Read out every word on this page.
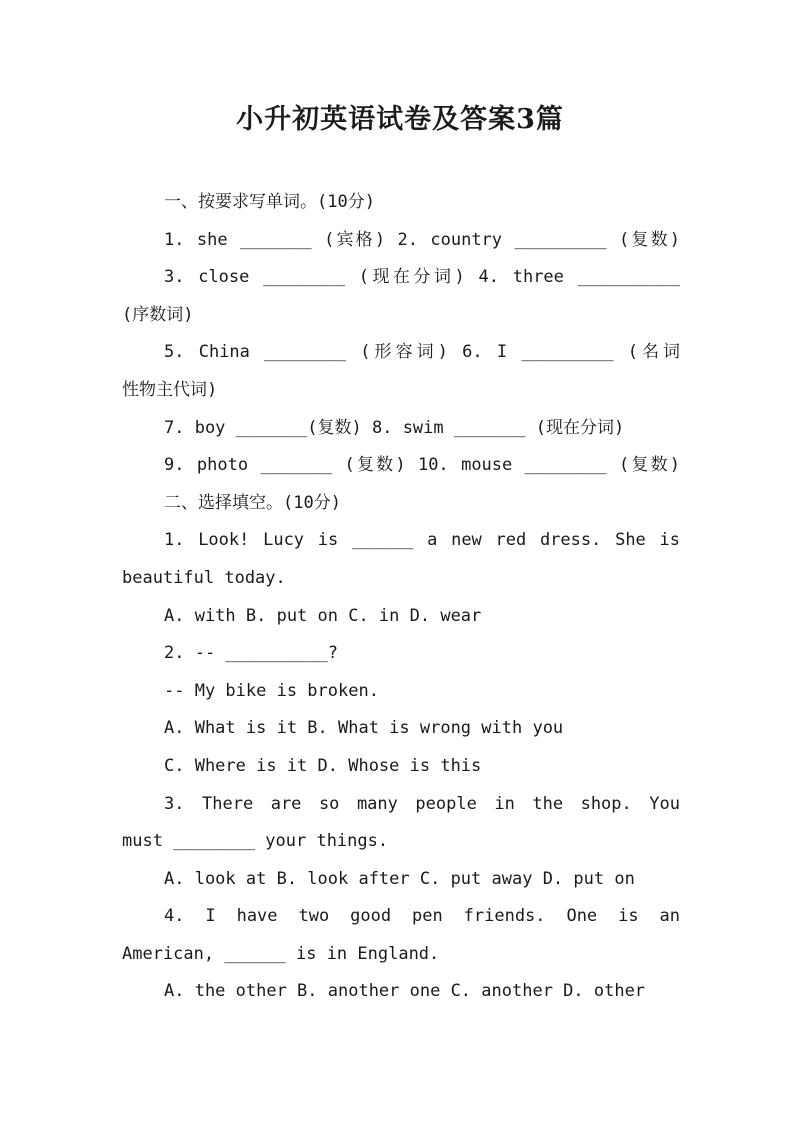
小升初英语试卷及答案3篇
一、按要求写单词。(10分)
1. she _______ (宾格) 2. country _________ (复数)
3. close ________ (现在分词) 4. three __________
(序数词)
5. China ________ (形容词) 6. I _________ (名词
性物主代词)
7. boy _______(复数) 8. swim _______ (现在分词)
9. photo _______ (复数) 10. mouse ________ (复数)
二、选择填空。(10分)
1. Look! Lucy is ______ a new red dress. She is
beautiful today.
A. with B. put on C. in D. wear
2. -- __________?
-- My bike is broken.
A. What is it B. What is wrong with you
C. Where is it D. Whose is this
3. There are so many people in the shop. You
must ________ your things.
A. look at B. look after C. put away D. put on
4. I have two good pen friends. One is an
American, ______ is in England.
A. the other B. another one C. another D. other
